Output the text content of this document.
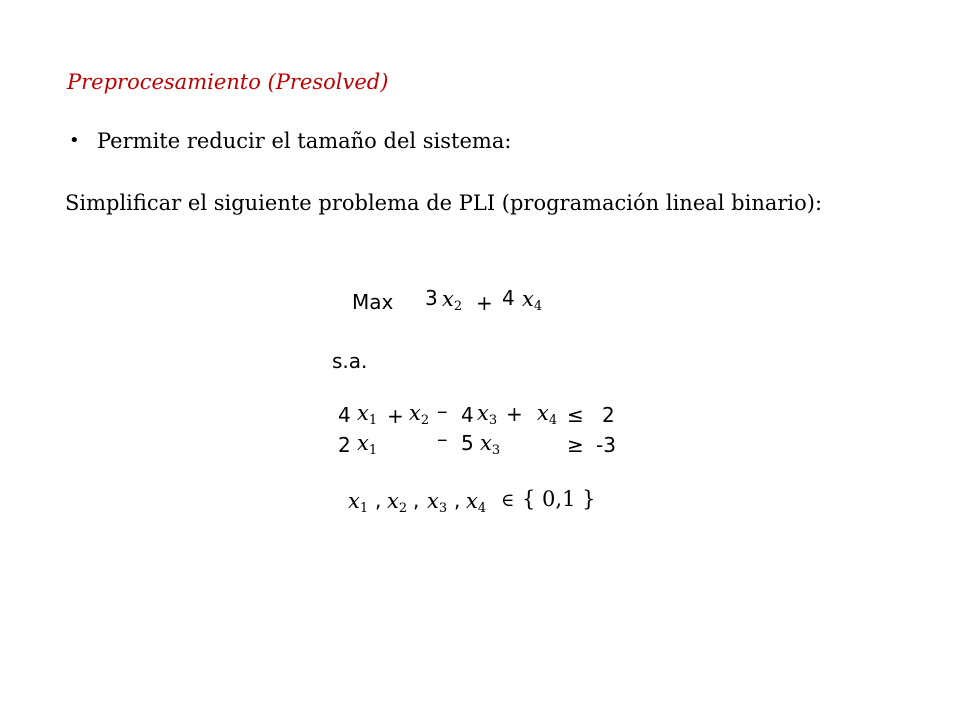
Preprocesamiento (Presolved)
• Permite reducir el tamaño del sistema:
Simplificar el siguiente problema de PLI (programación lineal binario):
Max 3 $x_2 + 4$ $x_4$
s.a.
4 $x_1 + x_2 - 4$ $x_3 + x_4 \le 2$
2 $x_1$	– 5 $x_3$	≥ -3
$x_1$ , $x_2$ , $x_3$ , $x_4$ ∈ { 0,1 }
